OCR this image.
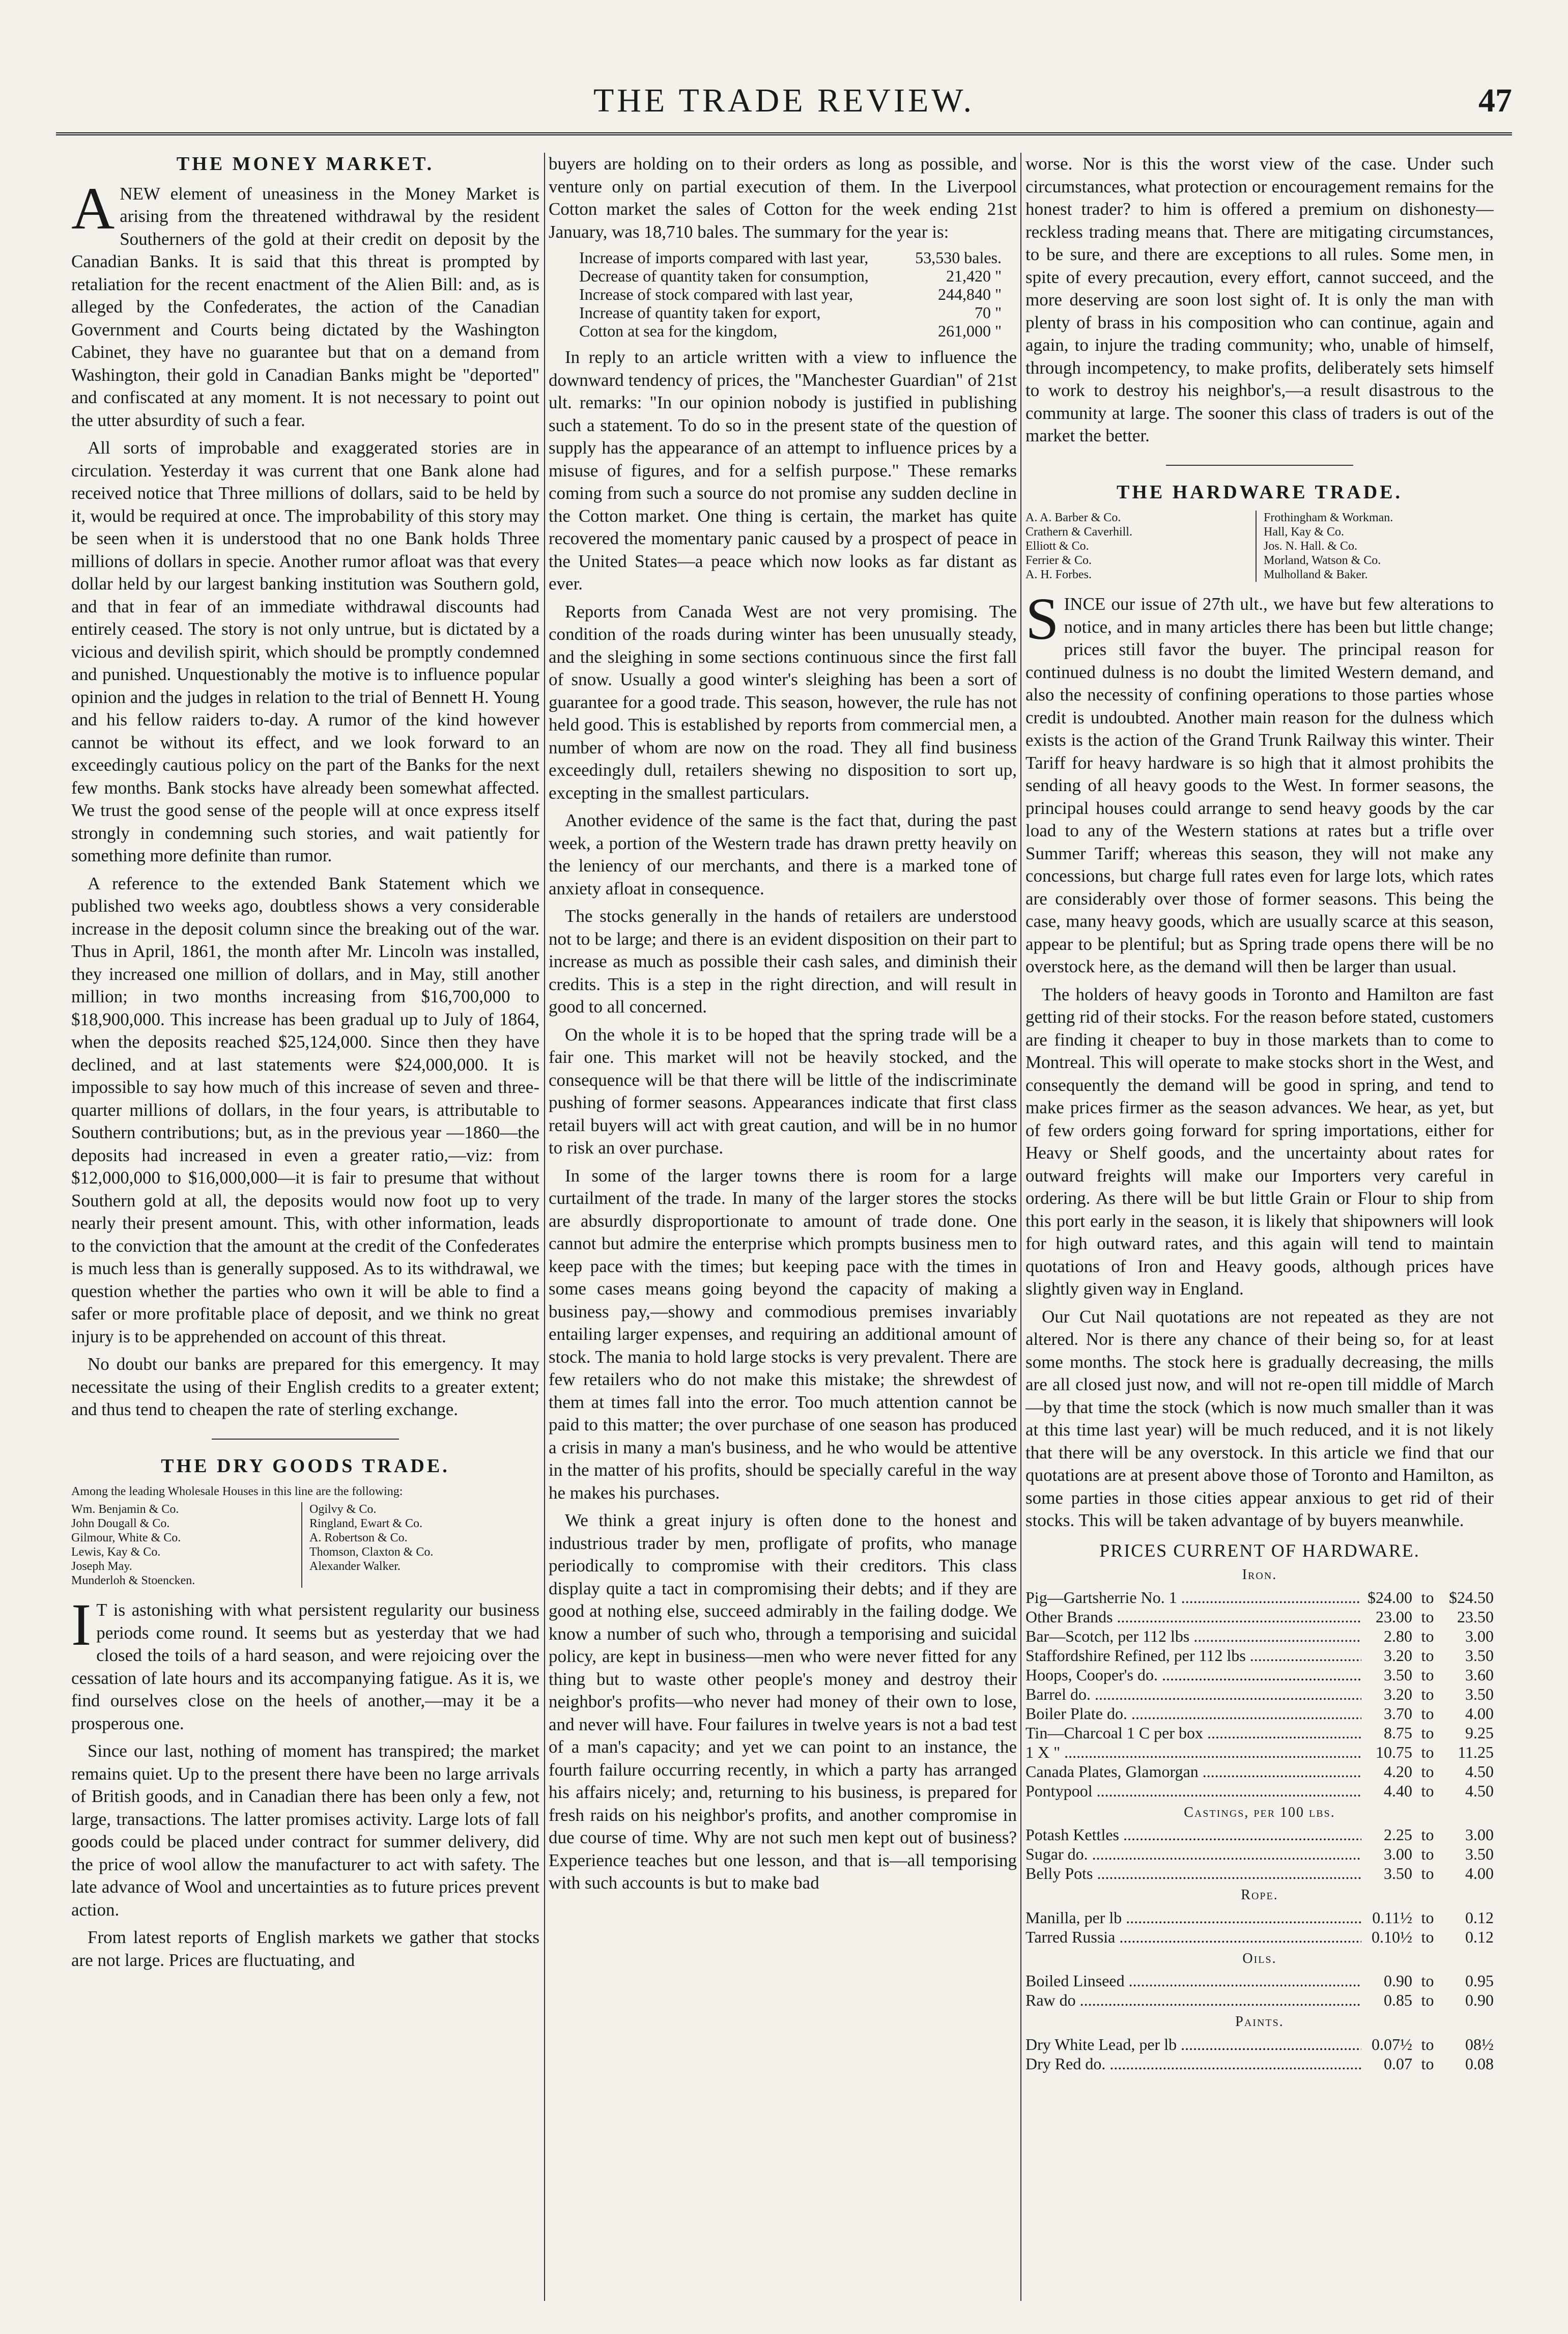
THE TRADE REVIEW.	47
THE MONEY MARKET.

ANEW element of uneasiness in the Money Market is arising from the threatened withdrawal by the resident Southerners of the gold at their credit on deposit by the Canadian Banks. It is said that this threat is prompted by retaliation for the recent enactment of the Alien Bill: and, as is alleged by the Confederates, the action of the Canadian Government and Courts being dictated by the Washington Cabinet, they have no guarantee but that on a demand from Washington, their gold in Canadian Banks might be "deported" and confiscated at any moment. It is not necessary to point out the utter absurdity of such a fear.

All sorts of improbable and exaggerated stories are in circulation. Yesterday it was current that one Bank alone had received notice that Three millions of dollars, said to be held by it, would be required at once. The improbability of this story may be seen when it is understood that no one Bank holds Three millions of dollars in specie. Another rumor afloat was that every dollar held by our largest banking institution was Southern gold, and that in fear of an immediate withdrawal discounts had entirely ceased. The story is not only untrue, but is dictated by a vicious and devilish spirit, which should be promptly condemned and punished. Unquestionably the motive is to influence popular opinion and the judges in relation to the trial of Bennett H. Young and his fellow raiders to-day. A rumor of the kind however cannot be without its effect, and we look forward to an exceedingly cautious policy on the part of the Banks for the next few months. Bank stocks have already been somewhat affected. We trust the good sense of the people will at once express itself strongly in condemning such stories, and wait patiently for something more definite than rumor.

A reference to the extended Bank Statement which we published two weeks ago, doubtless shows a very considerable increase in the deposit column since the breaking out of the war. Thus in April, 1861, the month after Mr. Lincoln was installed, they increased one million of dollars, and in May, still another million; in two months increasing from $16,700,000 to $18,900,000. This increase has been gradual up to July of 1864, when the deposits reached $25,124,000. Since then they have declined, and at last statements were $24,000,000. It is impossible to say how much of this increase of seven and three-quarter millions of dollars, in the four years, is attributable to Southern contributions; but, as in the previous year —1860—the deposits had increased in even a greater ratio,—viz: from $12,000,000 to $16,000,000—it is fair to presume that without Southern gold at all, the deposits would now foot up to very nearly their present amount. This, with other information, leads to the conviction that the amount at the credit of the Confederates is much less than is generally supposed. As to its withdrawal, we question whether the parties who own it will be able to find a safer or more profitable place of deposit, and we think no great injury is to be apprehended on account of this threat.

No doubt our banks are prepared for this emergency. It may necessitate the using of their English credits to a greater extent; and thus tend to cheapen the rate of sterling exchange.

THE DRY GOODS TRADE.
Among the leading Wholesale Houses in this line are the following:
Wm. Benjamin & Co.
John Dougall & Co.
Gilmour, White & Co.
Lewis, Kay & Co.
Joseph May.
Munderloh & Stoencken.
Ogilvy & Co.
Ringland, Ewart & Co.
A. Robertson & Co.
Thomson, Claxton & Co.
Alexander Walker.

I T is astonishing with what persistent regularity our business periods come round. It seems but as yesterday that we had closed the toils of a hard season, and were rejoicing over the cessation of late hours and its accompanying fatigue. As it is, we find ourselves close on the heels of another,—may it be a prosperous one.

Since our last, nothing of moment has transpired; the market remains quiet. Up to the present there have been no large arrivals of British goods, and in Canadian there has been only a few, not large, transactions. The latter promises activity. Large lots of fall goods could be placed under contract for summer delivery, did the price of wool allow the manufacturer to act with safety. The late advance of Wool and uncertainties as to future prices prevent action.

From latest reports of English markets we gather that stocks are not large. Prices are fluctuating, and

buyers are holding on to their orders as long as possible, and venture only on partial execution of them. In the Liverpool Cotton market the sales of Cotton for the week ending 21st January, was 18,710 bales. The summary for the year is:

Increase of imports compared with last year,	53,530 bales.
Decrease of quantity taken for consumption,	21,420 "
Increase of stock compared with last year,	244,840 "
Increase of quantity taken for export,	70 "
Cotton at sea for the kingdom,	261,000 "

In reply to an article written with a view to influence the downward tendency of prices, the "Manchester Guardian" of 21st ult. remarks: "In our opinion nobody is justified in publishing such a statement. To do so in the present state of the question of supply has the appearance of an attempt to influence prices by a misuse of figures, and for a selfish purpose." These remarks coming from such a source do not promise any sudden decline in the Cotton market. One thing is certain, the market has quite recovered the momentary panic caused by a prospect of peace in the United States—a peace which now looks as far distant as ever.

Reports from Canada West are not very promising. The condition of the roads during winter has been unusually steady, and the sleighing in some sections continuous since the first fall of snow. Usually a good winter's sleighing has been a sort of guarantee for a good trade. This season, however, the rule has not held good. This is established by reports from commercial men, a number of whom are now on the road. They all find business exceedingly dull, retailers shewing no disposition to sort up, excepting in the smallest particulars.

Another evidence of the same is the fact that, during the past week, a portion of the Western trade has drawn pretty heavily on the leniency of our merchants, and there is a marked tone of anxiety afloat in consequence.

The stocks generally in the hands of retailers are understood not to be large; and there is an evident disposition on their part to increase as much as possible their cash sales, and diminish their credits. This is a step in the right direction, and will result in good to all concerned.

On the whole it is to be hoped that the spring trade will be a fair one. This market will not be heavily stocked, and the consequence will be that there will be little of the indiscriminate pushing of former seasons. Appearances indicate that first class retail buyers will act with great caution, and will be in no humor to risk an over purchase.

In some of the larger towns there is room for a large curtailment of the trade. In many of the larger stores the stocks are absurdly disproportionate to amount of trade done. One cannot but admire the enterprise which prompts business men to keep pace with the times; but keeping pace with the times in some cases means going beyond the capacity of making a business pay,—showy and commodious premises invariably entailing larger expenses, and requiring an additional amount of stock. The mania to hold large stocks is very prevalent. There are few retailers who do not make this mistake; the shrewdest of them at times fall into the error. Too much attention cannot be paid to this matter; the over purchase of one season has produced a crisis in many a man's business, and he who would be attentive in the matter of his profits, should be specially careful in the way he makes his purchases.

We think a great injury is often done to the honest and industrious trader by men, profligate of profits, who manage periodically to compromise with their creditors. This class display quite a tact in compromising their debts; and if they are good at nothing else, succeed admirably in the failing dodge. We know a number of such who, through a temporising and suicidal policy, are kept in business—men who were never fitted for any thing but to waste other people's money and destroy their neighbor's profits—who never had money of their own to lose, and never will have. Four failures in twelve years is not a bad test of a man's capacity; and yet we can point to an instance, the fourth failure occurring recently, in which a party has arranged his affairs nicely; and, returning to his business, is prepared for fresh raids on his neighbor's profits, and another compromise in due course of time. Why are not such men kept out of business? Experience teaches but one lesson, and that is—all temporising with such accounts is but to make bad

worse. Nor is this the worst view of the case. Under such circumstances, what protection or encouragement remains for the honest trader? to him is offered a premium on dishonesty—reckless trading means that. There are mitigating circumstances, to be sure, and there are exceptions to all rules. Some men, in spite of every precaution, every effort, cannot succeed, and the more deserving are soon lost sight of. It is only the man with plenty of brass in his composition who can continue, again and again, to injure the trading community; who, unable of himself, through incompetency, to make profits, deliberately sets himself to work to destroy his neighbor's,—a result disastrous to the community at large. The sooner this class of traders is out of the market the better.

THE HARDWARE TRADE.
A. A. Barber & Co.
Crathern & Caverhill.
Elliott & Co.
Ferrier & Co.
A. H. Forbes.
Frothingham & Workman.
Hall, Kay & Co.
Jos. N. Hall. & Co.
Morland, Watson & Co.
Mulholland & Baker.

SINCE our issue of 27th ult., we have but few alterations to notice, and in many articles there has been but little change; prices still favor the buyer. The principal reason for continued dulness is no doubt the limited Western demand, and also the necessity of confining operations to those parties whose credit is undoubted. Another main reason for the dulness which exists is the action of the Grand Trunk Railway this winter. Their Tariff for heavy hardware is so high that it almost prohibits the sending of all heavy goods to the West. In former seasons, the principal houses could arrange to send heavy goods by the car load to any of the Western stations at rates but a trifle over Summer Tariff; whereas this season, they will not make any concessions, but charge full rates even for large lots, which rates are considerably over those of former seasons. This being the case, many heavy goods, which are usually scarce at this season, appear to be plentiful; but as Spring trade opens there will be no overstock here, as the demand will then be larger than usual.

The holders of heavy goods in Toronto and Hamilton are fast getting rid of their stocks. For the reason before stated, customers are finding it cheaper to buy in those markets than to come to Montreal. This will operate to make stocks short in the West, and consequently the demand will be good in spring, and tend to make prices firmer as the season advances. We hear, as yet, but of few orders going forward for spring importations, either for Heavy or Shelf goods, and the uncertainty about rates for outward freights will make our Importers very careful in ordering. As there will be but little Grain or Flour to ship from this port early in the season, it is likely that shipowners will look for high outward rates, and this again will tend to maintain quotations of Iron and Heavy goods, although prices have slightly given way in England.

Our Cut Nail quotations are not repeated as they are not altered. Nor is there any chance of their being so, for at least some months. The stock here is gradually decreasing, the mills are all closed just now, and will not re-open till middle of March—by that time the stock (which is now much smaller than it was at this time last year) will be much reduced, and it is not likely that there will be any overstock. In this article we find that our quotations are at present above those of Toronto and Hamilton, as some parties in those cities appear anxious to get rid of their stocks. This will be taken advantage of by buyers meanwhile.

PRICES CURRENT OF HARDWARE.
Iron.
Pig—Gartsherrie No. 1 .....	$24.00 to $24.50
Other Brands .....	23.00 to	23.50
Bar—Scotch, per 112 lbs .....	2.80 to	3.00
Staffordshire Refined, per 112 lbs .....	3.20 to	3.50
Hoops, Cooper's do. .....	3.50 to	3.60
Barrel do. .....	3.20 to	3.50
Boiler Plate do. .....	3.70 to	4.00
Tin—Charcoal 1 C per box .....	8.75 to	9.25
1 X " .....	10.75 to	11.25
Canada Plates, Glamorgan .....	4.20 to	4.50
Pontypool .....	4.40 to	4.50
Castings, per 100 lbs.
Potash Kettles .....	2.25 to	3.00
Sugar do. .....	3.00 to	3.50
Belly Pots .....	3.50 to	4.00
Rope.
Manilla, per lb .....	0.11½ to	0.12
Tarred Russia .....	0.10½ to	0.12
Oils.
Boiled Linseed .....	0.90 to	0.95
Raw do .....	0.85 to	0.90
Paints.
Dry White Lead, per lb .....	0.07½ to	08½
Dry Red do. .....	0.07 to	0.08
